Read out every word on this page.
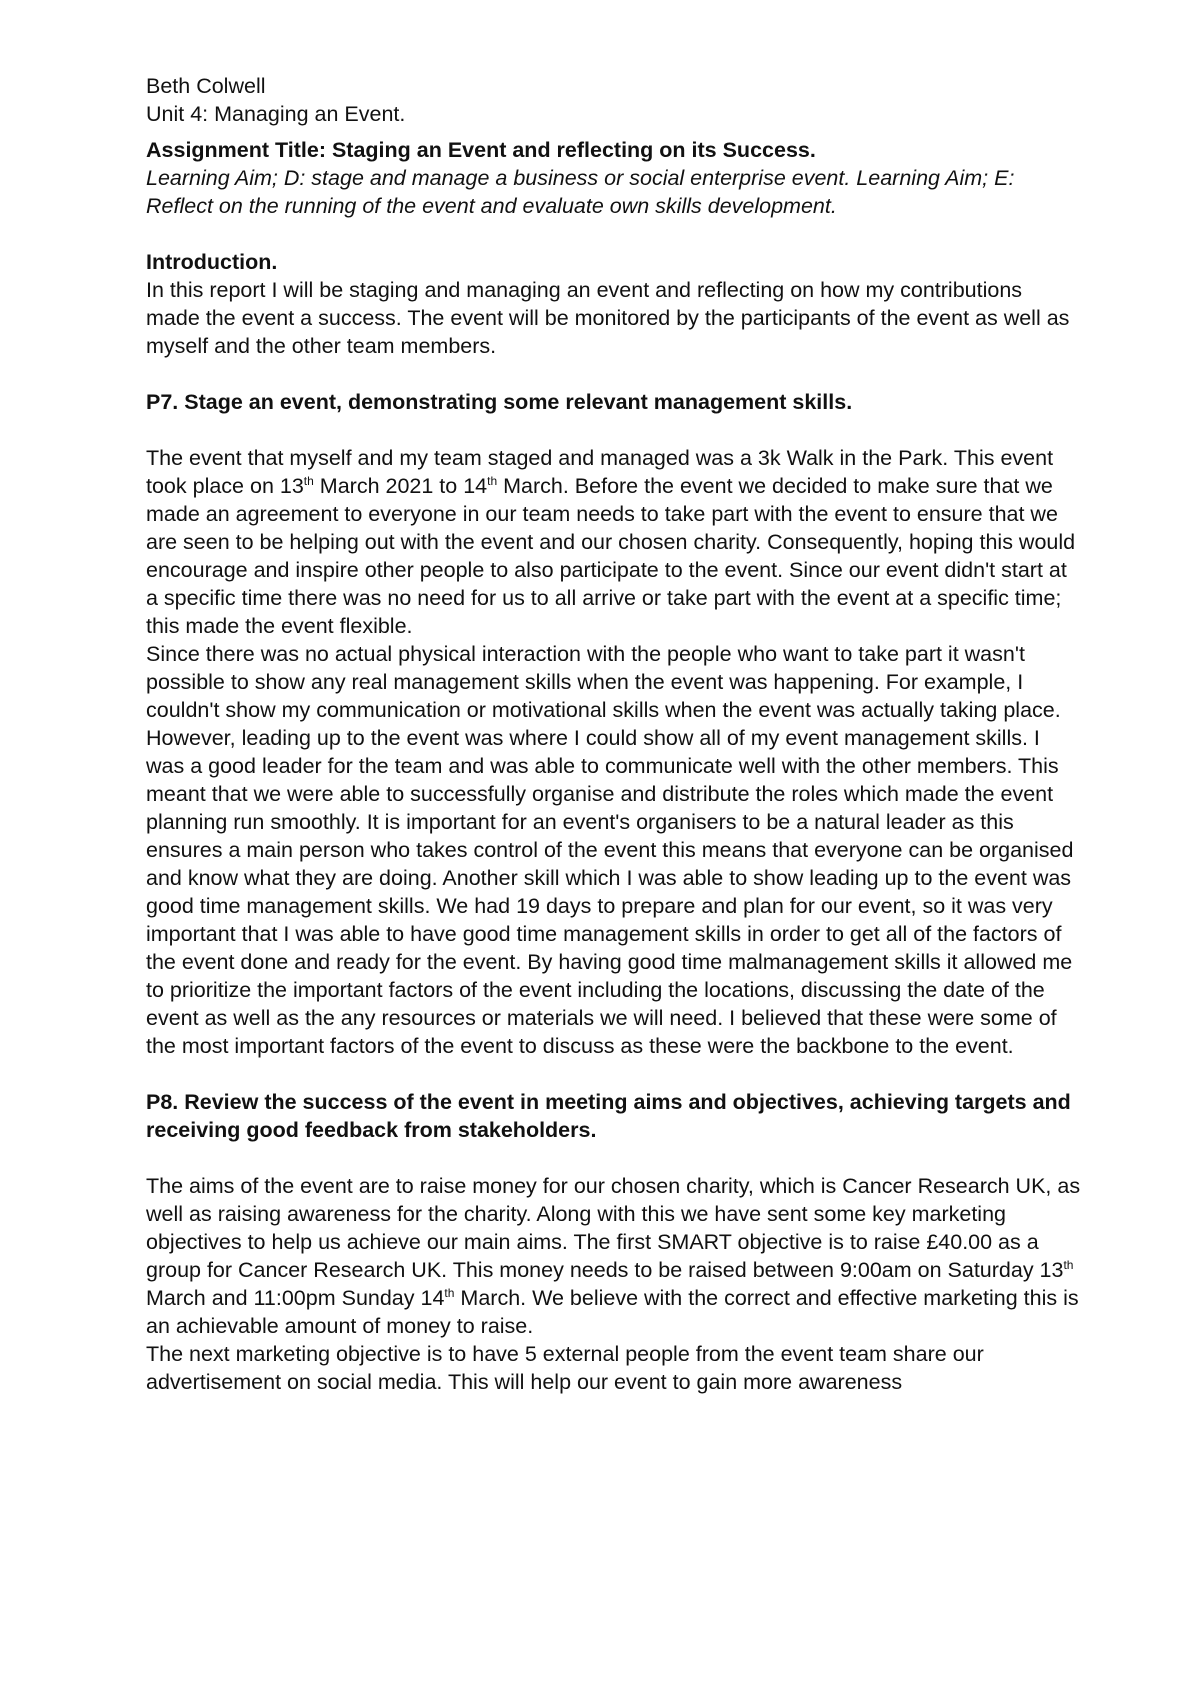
Beth Colwell

Unit 4: Managing an Event.

Assignment Title: Staging an Event and reflecting on its Success.

Learning Aim; D: stage and manage a business or social enterprise event. Learning Aim; E: Reflect on the running of the event and evaluate own skills development.

Introduction.

In this report I will be staging and managing an event and reflecting on how my contributions made the event a success. The event will be monitored by the participants of the event as well as myself and the other team members.

P7. Stage an event, demonstrating some relevant management skills.

The event that myself and my team staged and managed was a 3k Walk in the Park. This event took place on 13th March 2021 to 14th March. Before the event we decided to make sure that we made an agreement to everyone in our team needs to take part with the event to ensure that we are seen to be helping out with the event and our chosen charity. Consequently, hoping this would encourage and inspire other people to also participate to the event. Since our event didn't start at a specific time there was no need for us to all arrive or take part with the event at a specific time; this made the event flexible.

Since there was no actual physical interaction with the people who want to take part it wasn't possible to show any real management skills when the event was happening. For example, I couldn't show my communication or motivational skills when the event was actually taking place.

However, leading up to the event was where I could show all of my event management skills. I was a good leader for the team and was able to communicate well with the other members. This meant that we were able to successfully organise and distribute the roles which made the event planning run smoothly. It is important for an event's organisers to be a natural leader as this ensures a main person who takes control of the event this means that everyone can be organised and know what they are doing. Another skill which I was able to show leading up to the event was good time management skills. We had 19 days to prepare and plan for our event, so it was very important that I was able to have good time management skills in order to get all of the factors of the event done and ready for the event. By having good time malmanagement skills it allowed me to prioritize the important factors of the event including the locations, discussing the date of the event as well as the any resources or materials we will need. I believed that these were some of the most important factors of the event to discuss as these were the backbone to the event.

P8. Review the success of the event in meeting aims and objectives, achieving targets and receiving good feedback from stakeholders.

The aims of the event are to raise money for our chosen charity, which is Cancer Research UK, as well as raising awareness for the charity. Along with this we have sent some key marketing objectives to help us achieve our main aims. The first SMART objective is to raise £40.00 as a group for Cancer Research UK. This money needs to be raised between 9:00am on Saturday 13th March and 11:00pm Sunday 14th March. We believe with the correct and effective marketing this is an achievable amount of money to raise.

The next marketing objective is to have 5 external people from the event team share our advertisement on social media. This will help our event to gain more awareness
